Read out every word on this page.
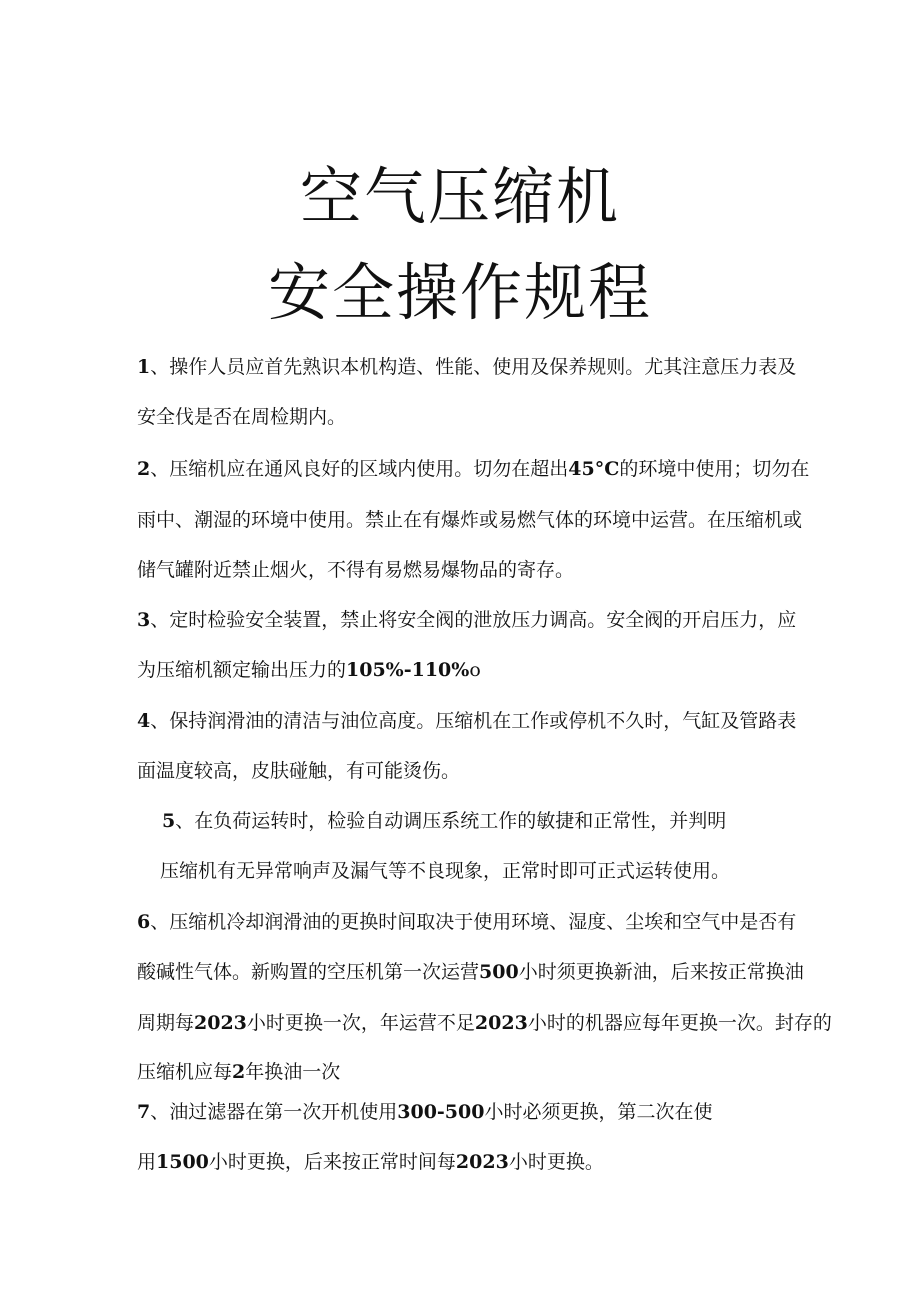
空气压缩机
安全操作规程

1、操作人员应首先熟识本机构造、性能、使用及保养规则。尤其注意压力表及

安全伐是否在周检期内。

2、压缩机应在通风良好的区域内使用。切勿在超出45°C的环境中使用；切勿在

雨中、潮湿的环境中使用。禁止在有爆炸或易燃气体的环境中运营。在压缩机或

储气罐附近禁止烟火，不得有易燃易爆物品的寄存。

3、定时检验安全装置，禁止将安全阀的泄放压力调高。安全阀的开启压力，应

为压缩机额定输出压力的105%-110%o

4、保持润滑油的清洁与油位高度。压缩机在工作或停机不久时，气缸及管路表

面温度较高，皮肤碰触，有可能烫伤。

5、在负荷运转时，检验自动调压系统工作的敏捷和正常性，并判明

压缩机有无异常响声及漏气等不良现象，正常时即可正式运转使用。

6、压缩机冷却润滑油的更换时间取决于使用环境、湿度、尘埃和空气中是否有

酸碱性气体。新购置的空压机第一次运营500小时须更换新油，后来按正常换油

周期每2023小时更换一次，年运营不足2023小时的机器应每年更换一次。封存的

压缩机应每2年换油一次

7、油过滤器在第一次开机使用300-500小时必须更换，第二次在使

用1500小时更换，后来按正常时间每2023小时更换。
